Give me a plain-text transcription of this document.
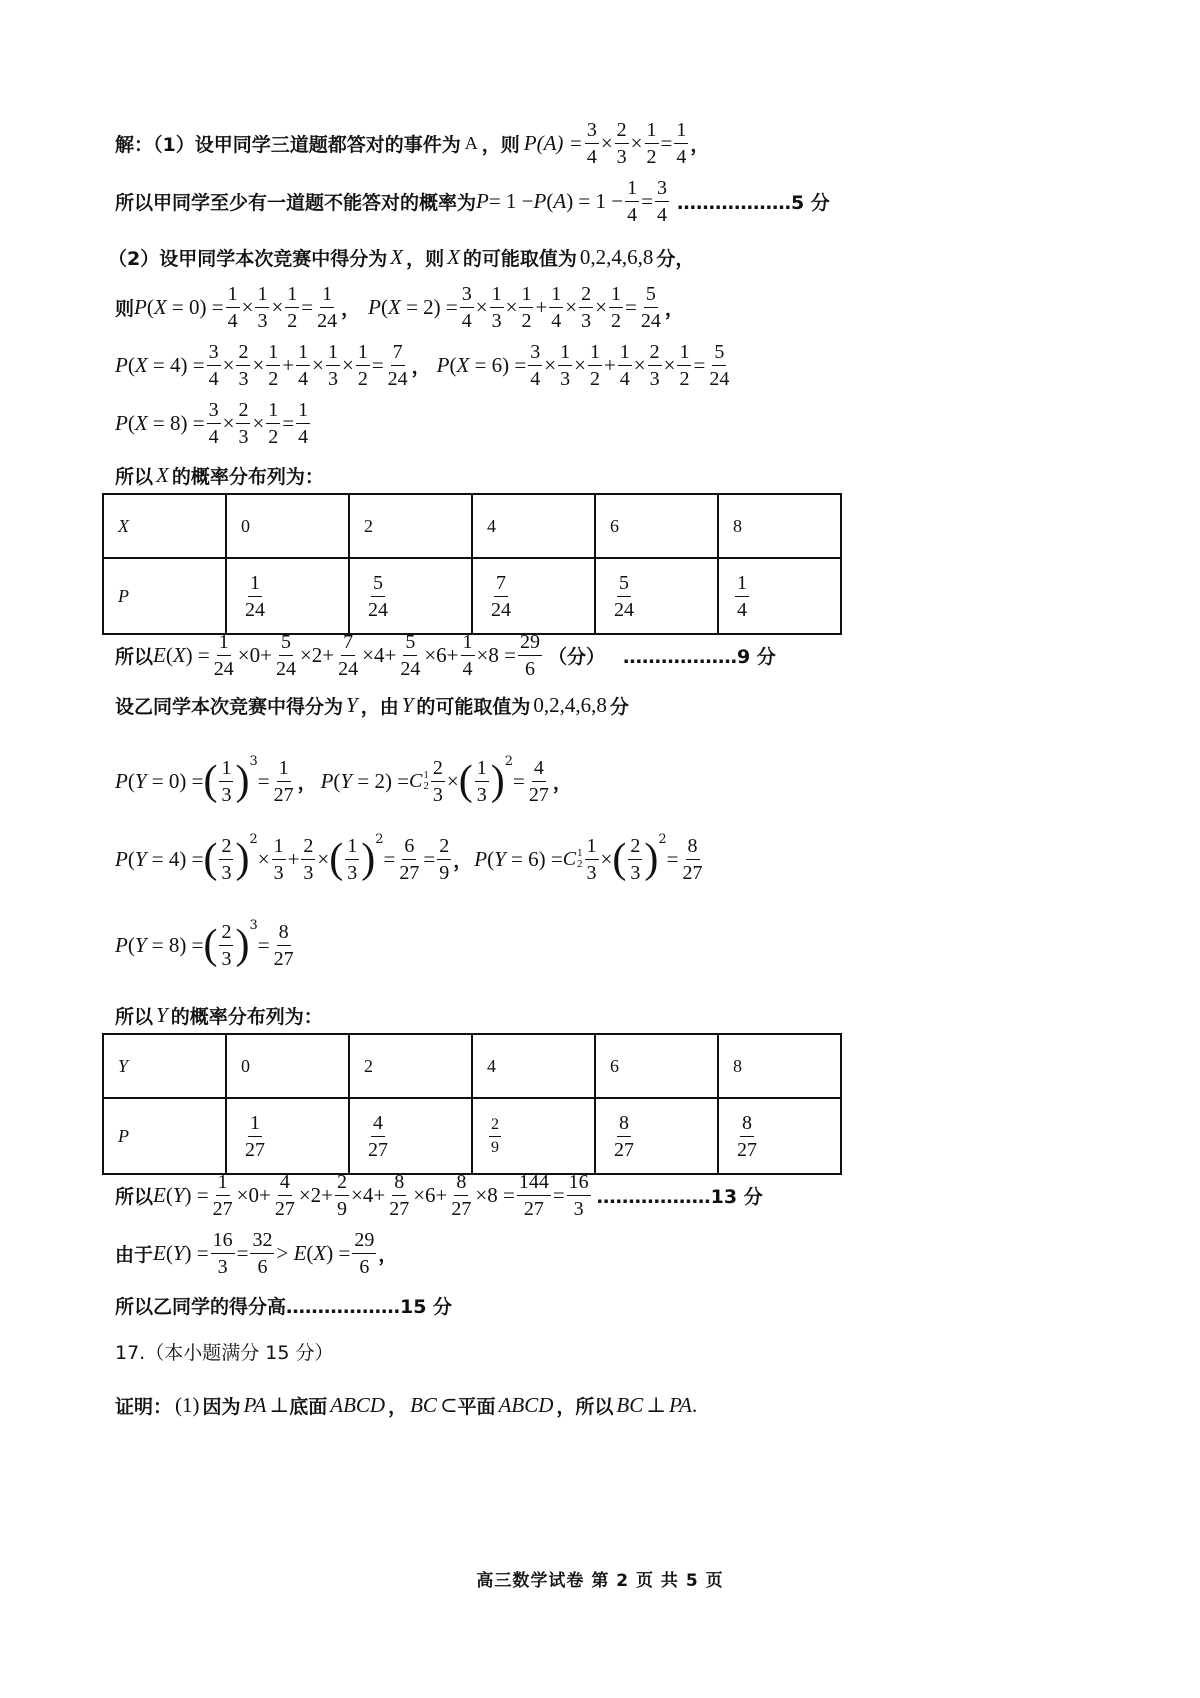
解：（1）设甲同学三道题都答对的事件为 A ，则 $P(A) = \frac{3}{4} \times \frac{2}{3} \times \frac{1}{2} = \frac{1}{4}$ ，
所以甲同学至少有一道题不能答对的概率为 P = 1 − P ( A ) = $1 - \frac{1}{4} = \frac{3}{4}$ ………………5 分
（2）设甲同学本次竞赛中得分为 X ，则 X 的可能取值为 0,2,4,6,8 分，
则 $P(X = 0) = \frac{1}{4} \times \frac{1}{3} \times \frac{1}{2} = \frac{1}{24}$ ， $P(X = 2) = \frac{3}{4} \times \frac{1}{3} \times \frac{1}{2} + \frac{1}{4} \times \frac{2}{3} \times \frac{1}{2} = \frac{5}{24}$ ，
$P(X = 4) = \frac{3}{4} \times \frac{2}{3} \times \frac{1}{2} + \frac{1}{4} \times \frac{1}{3} \times \frac{1}{2} = \frac{7}{24}$ ， $P(X = 6) = \frac{3}{4} \times \frac{1}{3} \times \frac{1}{2} + \frac{1}{4} \times \frac{2}{3} \times \frac{1}{2} = \frac{5}{24}$
$P(X = 8) = \frac{3}{4} \times \frac{2}{3} \times \frac{1}{2} = \frac{1}{4}$
所以 X 的概率分布列为：
X	0	2	4	6	8
P	$\frac{1}{24}$	$\frac{5}{24}$	$\frac{7}{24}$	$\frac{5}{24}$	$\frac{1}{4}$
所以 $E(X) = \frac{1}{24} \times 0+ \frac{5}{24} \times 2+ \frac{7}{24} \times 4+ \frac{5}{24} \times 6+ \frac{1}{4} \times 8 = \frac{29}{6}$ （分） ………………9 分
设乙同学本次竞赛中得分为 Y ，由 Y 的可能取值为 0,2,4,6,8 分
P(Y = 0) = ( $\frac{1}{3}$ ) 3
= $\frac{1}{27}$ ， P(Y = 2) = C 1
$2 \frac{2}{3}$ × ( $\frac{1}{3}$ ) 2
= $\frac{4}{27}$ ，
P(Y = 4) = ( $\frac{2}{3}$ ) 2
× $\frac{1}{3} + \frac{2}{3}$ × ( $\frac{1}{3}$ ) 2
= $\frac{6}{27} = \frac{2}{9}$ ， P(Y = 6) = C 1
$2 \frac{1}{3}$ × ( $\frac{2}{3}$ ) 2
= $\frac{8}{27}$
P(Y = 8) = ( $\frac{2}{3}$ ) 3
= $\frac{8}{27}$
所以 Y 的概率分布列为：
Y	0	2	4	6	8
P	$\frac{1}{27}$	$\frac{4}{27}$	$\frac{2}{9}$	$\frac{8}{27}$	$\frac{8}{27}$
所以 $E(Y) = \frac{1}{27} \times 0+ \frac{4}{27} \times 2+ \frac{2}{9} \times 4+ \frac{8}{27} \times 6+ \frac{8}{27} \times 8 = \frac{144}{27} = \frac{16}{3}$ ………………13 分
由于 $E(Y) = \frac{16}{3} = \frac{32}{6} > E(X) = \frac{29}{6}$ ，
所以乙同学的得分高………………15 分
17.（本小题满分 15 分）
证明： (1) 因为 PA ⊥ 底面 ABCD ， BC ⊂ 平面 ABCD ，所以 BC ⊥ PA .
高三数学试卷 第 2 页 共 5 页
